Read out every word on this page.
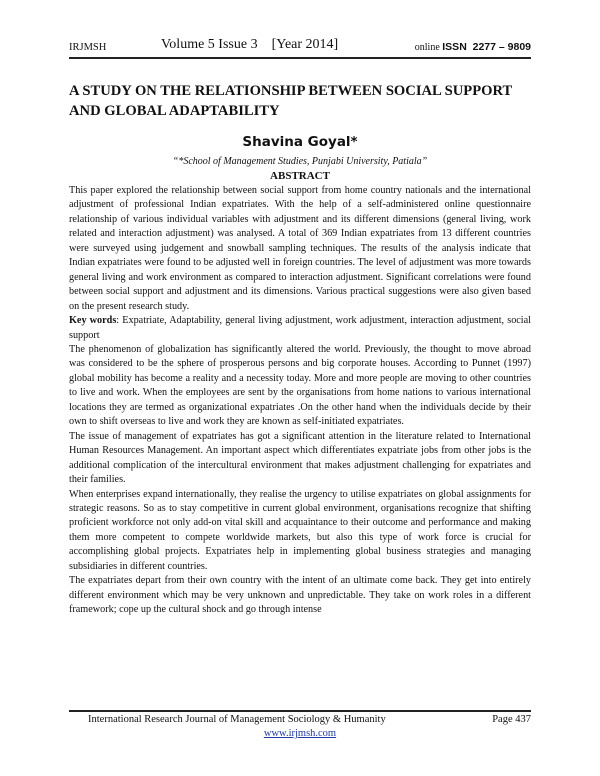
IRJMSH	Volume 5 Issue 3    [Year 2014]	online ISSN  2277 – 9809
A STUDY ON THE RELATIONSHIP BETWEEN SOCIAL SUPPORT
AND GLOBAL ADAPTABILITY
Shavina Goyal*
“*School of Management Studies, Punjabi University, Patiala”
ABSTRACT

This paper explored the relationship between social support from home country nationals and the international adjustment of professional Indian expatriates. With the help of a self-administered online questionnaire relationship of various individual variables with adjustment and its different dimensions (general living, work related and interaction adjustment) was analysed. A total of 369 Indian expatriates from 13 different countries were surveyed using judgement and snowball sampling techniques. The results of the analysis indicate that Indian expatriates were found to be adjusted well in foreign countries. The level of adjustment was more towards general living and work environment as compared to interaction adjustment. Significant correlations were found between social support and adjustment and its dimensions. Various practical suggestions were also given based on the present research study.

Key words: Expatriate, Adaptability, general living adjustment, work adjustment, interaction adjustment, social support

The phenomenon of globalization has significantly altered the world. Previously, the thought to move abroad was considered to be the sphere of prosperous persons and big corporate houses. According to Punnet (1997) global mobility has become a reality and a necessity today. More and more people are moving to other countries to live and work. When the employees are sent by the organisations from home nations to various international locations they are termed as organizational expatriates .On the other hand when the individuals decide by their own to shift overseas to live and work they are known as self-initiated expatriates.

The issue of management of expatriates has got a significant attention in the literature related to International Human Resources Management. An important aspect which differentiates expatriate jobs from other jobs is the additional complication of the intercultural environment that makes adjustment challenging for expatriates and their families.

When enterprises expand internationally, they realise the urgency to utilise expatriates on global assignments for strategic reasons. So as to stay competitive in current global environment, organisations recognize that shifting proficient workforce not only add-on vital skill and acquaintance to their outcome and performance and making them more competent to compete worldwide markets, but also this type of work force is crucial for accomplishing global projects. Expatriates help in implementing global business strategies and managing subsidiaries in different countries.

The expatriates depart from their own country with the intent of an ultimate come back. They get into entirely different environment which may be very unknown and unpredictable. They take on work roles in a different framework; cope up the cultural shock and go through intense

International Research Journal of Management Sociology & Humanity	Page 437
www.irjmsh.com
